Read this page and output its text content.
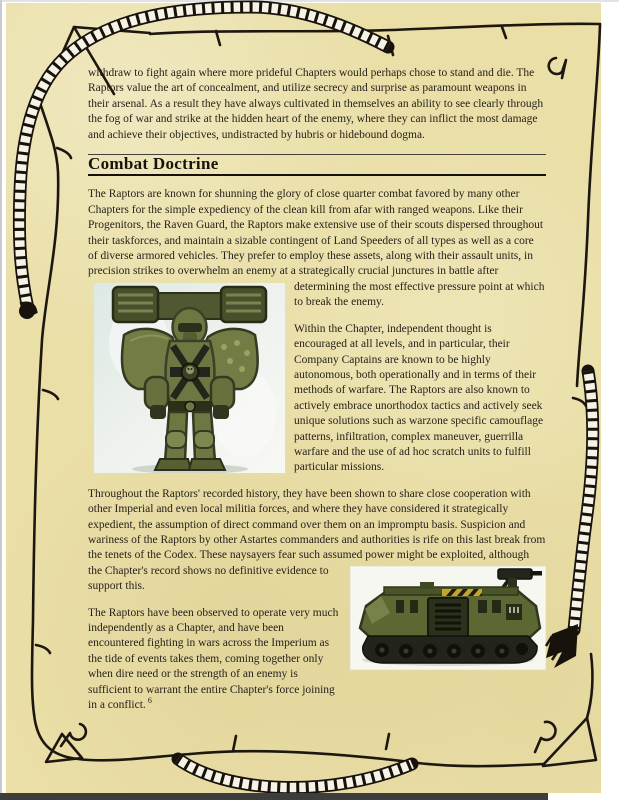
withdraw to fight again where more prideful Chapters would perhaps chose to stand and die. The Raptors value the art of concealment, and utilize secrecy and surprise as paramount weapons in their arsenal. As a result they have always cultivated in themselves an ability to see clearly through the fog of war and strike at the hidden heart of the enemy, where they can inflict the most damage and achieve their objectives, undistracted by hubris or hidebound dogma.

Combat Doctrine

The Raptors are known for shunning the glory of close quarter combat favored by many other Chapters for the simple expediency of the clean kill from afar with ranged weapons. Like their Progenitors, the Raven Guard, the Raptors make extensive use of their scouts dispersed throughout their taskforces, and maintain a sizable contingent of Land Speeders of all types as well as a core of diverse armored vehicles. They prefer to employ these assets, along with their assault units, in precision strikes to overwhelm an enemy at a strategically crucial junctures in battle after determining the most effective pressure point
at which to break the enemy.

Within the Chapter, independent thought is encouraged at all levels, and in particular, their Company Captains are known to be highly autonomous, both operationally and in terms of their methods of warfare. The Raptors are also known to actively embrace unorthodox tactics and actively seek unique solutions such as warzone specific camouflage patterns, infiltration, complex maneuver, guerrilla warfare and the use of ad hoc scratch units to fulfill particular missions.

Throughout the Raptors' recorded history, they have been shown to share close cooperation with other Imperial and even local militia forces, and where they have considered it strategically expedient, the assumption of direct command over them on an impromptu basis. Suspicion and wariness of the Raptors by other Astartes commanders and authorities is rife on this last break from the tenets of the Codex. These naysayers fear such assumed power might be
exploited, although the Chapter's record shows no definitive evidence to support this.

The Raptors have been observed to operate very much independently as a Chapter, and have been encountered fighting in wars across the Imperium as the tide of events takes them, coming together only when dire need or the strength of an enemy is sufficient to warrant the entire Chapter's force joining in a conflict. $^6$
